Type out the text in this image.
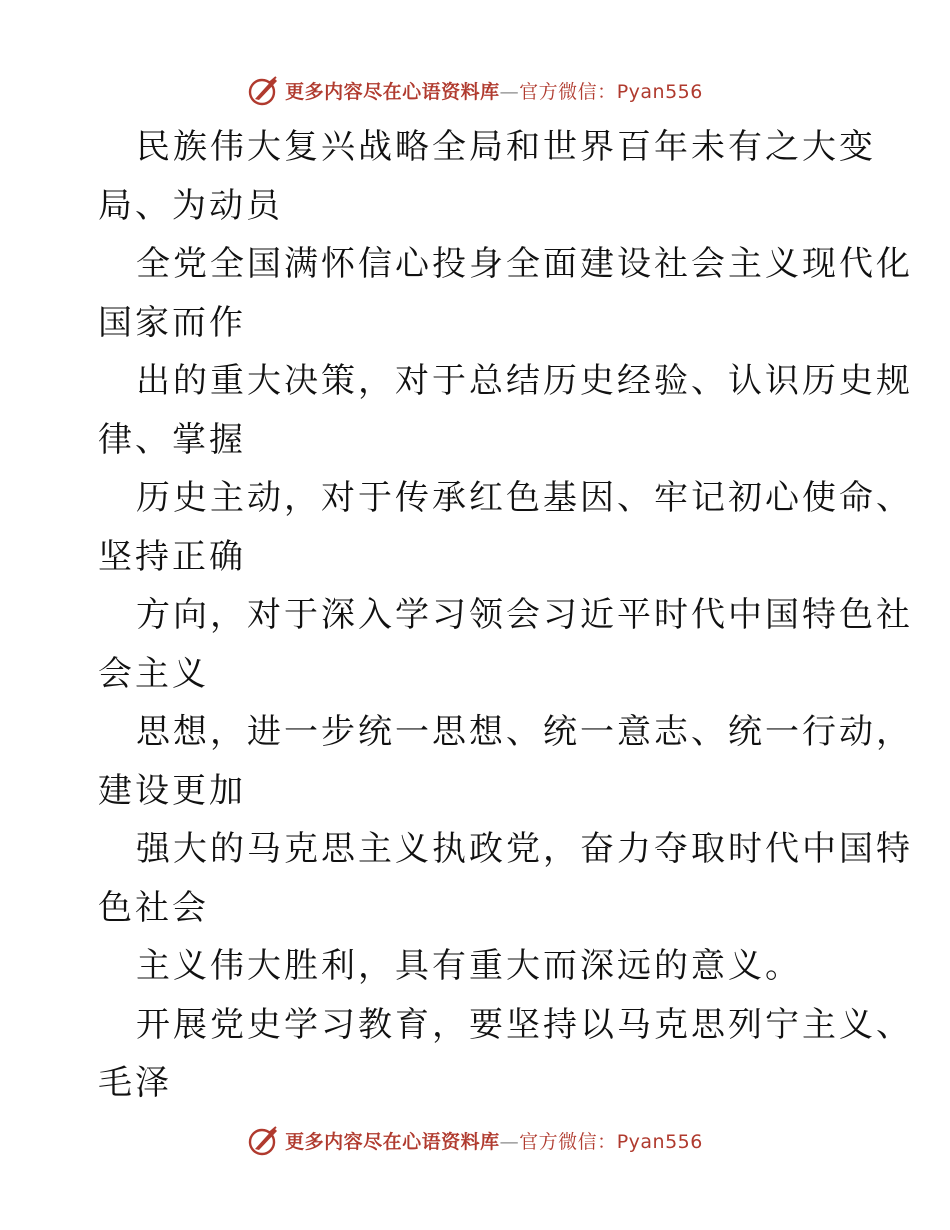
更多内容尽在心语资料库—官方微信：Pyan556
民族伟大复兴战略全局和世界百年未有之大变
局、为动员
全党全国满怀信心投身全面建设社会主义现代化
国家而作
出的重大决策，对于总结历史经验、认识历史规
律、掌握
历史主动，对于传承红色基因、牢记初心使命、
坚持正确
方向，对于深入学习领会习近平时代中国特色社
会主义
思想，进一步统一思想、统一意志、统一行动，
建设更加
强大的马克思主义执政党，奋力夺取时代中国特
色社会
主义伟大胜利，具有重大而深远的意义。
开展党史学习教育，要坚持以马克思列宁主义、
毛泽
更多内容尽在心语资料库—官方微信：Pyan556
